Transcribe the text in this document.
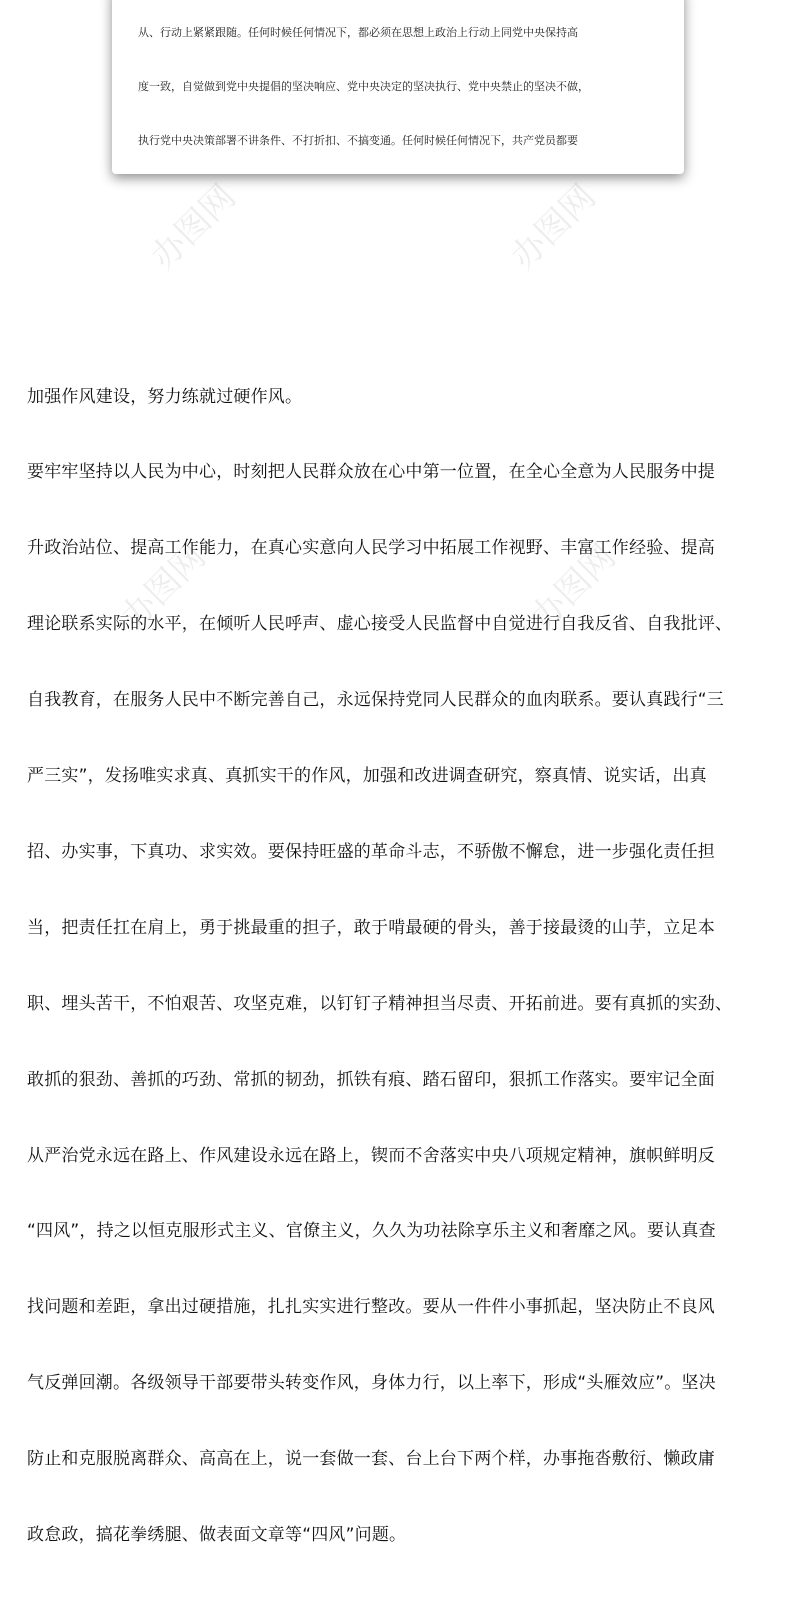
从、行动上紧紧跟随。任何时候任何情况下，都必须在思想上政治上行动上同党中央保持高

度一致，自觉做到党中央提倡的坚决响应、党中央决定的坚决执行、党中央禁止的坚决不做，

执行党中央决策部署不讲条件、不打折扣、不搞变通。任何时候任何情况下，共产党员都要

办图网	办图网
办图网	办图网

加强作风建设，努力练就过硬作风。

要牢牢坚持以人民为中心，时刻把人民群众放在心中第一位置，在全心全意为人民服务中提

升政治站位、提高工作能力，在真心实意向人民学习中拓展工作视野、丰富工作经验、提高

理论联系实际的水平，在倾听人民呼声、虚心接受人民监督中自觉进行自我反省、自我批评、

自我教育，在服务人民中不断完善自己，永远保持党同人民群众的血肉联系。要认真践行“三

严三实”，发扬唯实求真、真抓实干的作风，加强和改进调查研究，察真情、说实话，出真

招、办实事，下真功、求实效。要保持旺盛的革命斗志，不骄傲不懈怠，进一步强化责任担

当，把责任扛在肩上，勇于挑最重的担子，敢于啃最硬的骨头，善于接最烫的山芋，立足本

职、埋头苦干，不怕艰苦、攻坚克难，以钉钉子精神担当尽责、开拓前进。要有真抓的实劲、

敢抓的狠劲、善抓的巧劲、常抓的韧劲，抓铁有痕、踏石留印，狠抓工作落实。要牢记全面

从严治党永远在路上、作风建设永远在路上，锲而不舍落实中央八项规定精神，旗帜鲜明反

“四风”，持之以恒克服形式主义、官僚主义，久久为功祛除享乐主义和奢靡之风。要认真查

找问题和差距，拿出过硬措施，扎扎实实进行整改。要从一件件小事抓起，坚决防止不良风

气反弹回潮。各级领导干部要带头转变作风，身体力行，以上率下，形成“头雁效应”。坚决

防止和克服脱离群众、高高在上，说一套做一套、台上台下两个样，办事拖沓敷衍、懒政庸

政怠政，搞花拳绣腿、做表面文章等“四风”问题。
